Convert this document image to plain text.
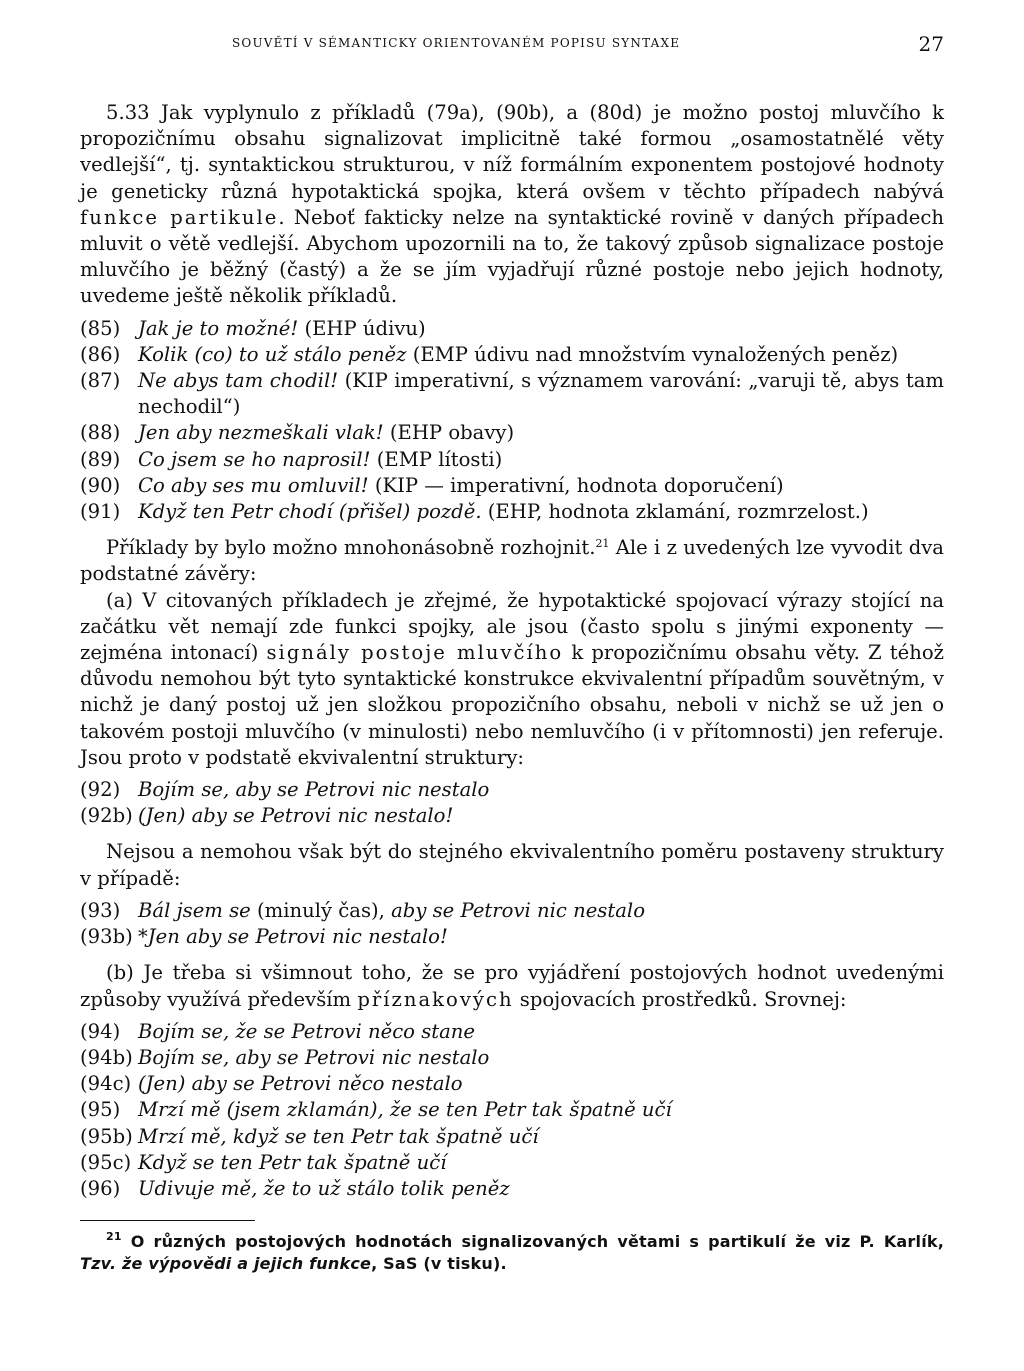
SOUVĚTÍ V SÉMANTICKY ORIENTOVANÉM POPISU SYNTAXE	27

5.33 Jak vyplynulo z příkladů (79a), (90b), a (80d) je možno postoj mluvčího k propozičnímu obsahu signalizovat implicitně také formou „osamostatnělé věty vedlejší“, tj. syntaktickou strukturou, v níž formálním exponentem postojové hodnoty je geneticky různá hypotaktická spojka, která ovšem v těchto případech nabývá funkce partikule. Neboť fakticky nelze na syntaktické rovině v daných případech mluvit o větě vedlejší. Abychom upozornili na to, že takový způsob signalizace postoje mluvčího je běžný (častý) a že se jím vyjadřují různé postoje nebo jejich hodnoty, uvedeme ještě několik příkladů.

(85) Jak je to možné! (EHP údivu)
(86) Kolik (co) to už stálo peněz (EMP údivu nad množstvím vynaložených peněz)
(87) Ne abys tam chodil! (KIP imperativní, s významem varování: „varuji tě, abys tam nechodil“)
(88) Jen aby nezmeškali vlak! (EHP obavy)
(89) Co jsem se ho naprosil! (EMP lítosti)
(90) Co aby ses mu omluvil! (KIP — imperativní, hodnota doporučení)
(91) Když ten Petr chodí (přišel) pozdě. (EHP, hodnota zklamání, rozmrzelost.)

Příklady by bylo možno mnohonásobně rozhojnit.$^{21}$ Ale i z uvedených lze vyvodit dva podstatné závěry:

(a) V citovaných příkladech je zřejmé, že hypotaktické spojovací výrazy stojící na začátku vět nemají zde funkci spojky, ale jsou (často spolu s jinými exponenty — zejména intonací) signály postoje mluvčího k propozičnímu obsahu věty. Z téhož důvodu nemohou být tyto syntaktické konstrukce ekvivalentní případům souvětným, v nichž je daný postoj už jen složkou propozičního obsahu, neboli v nichž se už jen o takovém postoji mluvčího (v minulosti) nebo nemluvčího (i v přítomnosti) jen referuje. Jsou proto v podstatě ekvivalentní struktury:

(92) Bojím se, aby se Petrovi nic nestalo
(92b) (Jen) aby se Petrovi nic nestalo!

Nejsou a nemohou však být do stejného ekvivalentního poměru postaveny struktury v případě:

(93) Bál jsem se (minulý čas), aby se Petrovi nic nestalo
(93b) *Jen aby se Petrovi nic nestalo!

(b) Je třeba si všimnout toho, že se pro vyjádření postojových hodnot uvedenými způsoby využívá především příznakových spojovacích prostředků. Srovnej:

(94) Bojím se, že se Petrovi něco stane
(94b) Bojím se, aby se Petrovi nic nestalo
(94c) (Jen) aby se Petrovi něco nestalo
(95) Mrzí mě (jsem zklamán), že se ten Petr tak špatně učí
(95b) Mrzí mě, když se ten Petr tak špatně učí
(95c) Když se ten Petr tak špatně učí
(96) Udivuje mě, že to už stálo tolik peněz

$^{21}$ O různých postojových hodnotách signalizovaných větami s partikulí že viz P. Karlík, Tzv. že výpovědi a jejich funkce, SaS (v tisku).
